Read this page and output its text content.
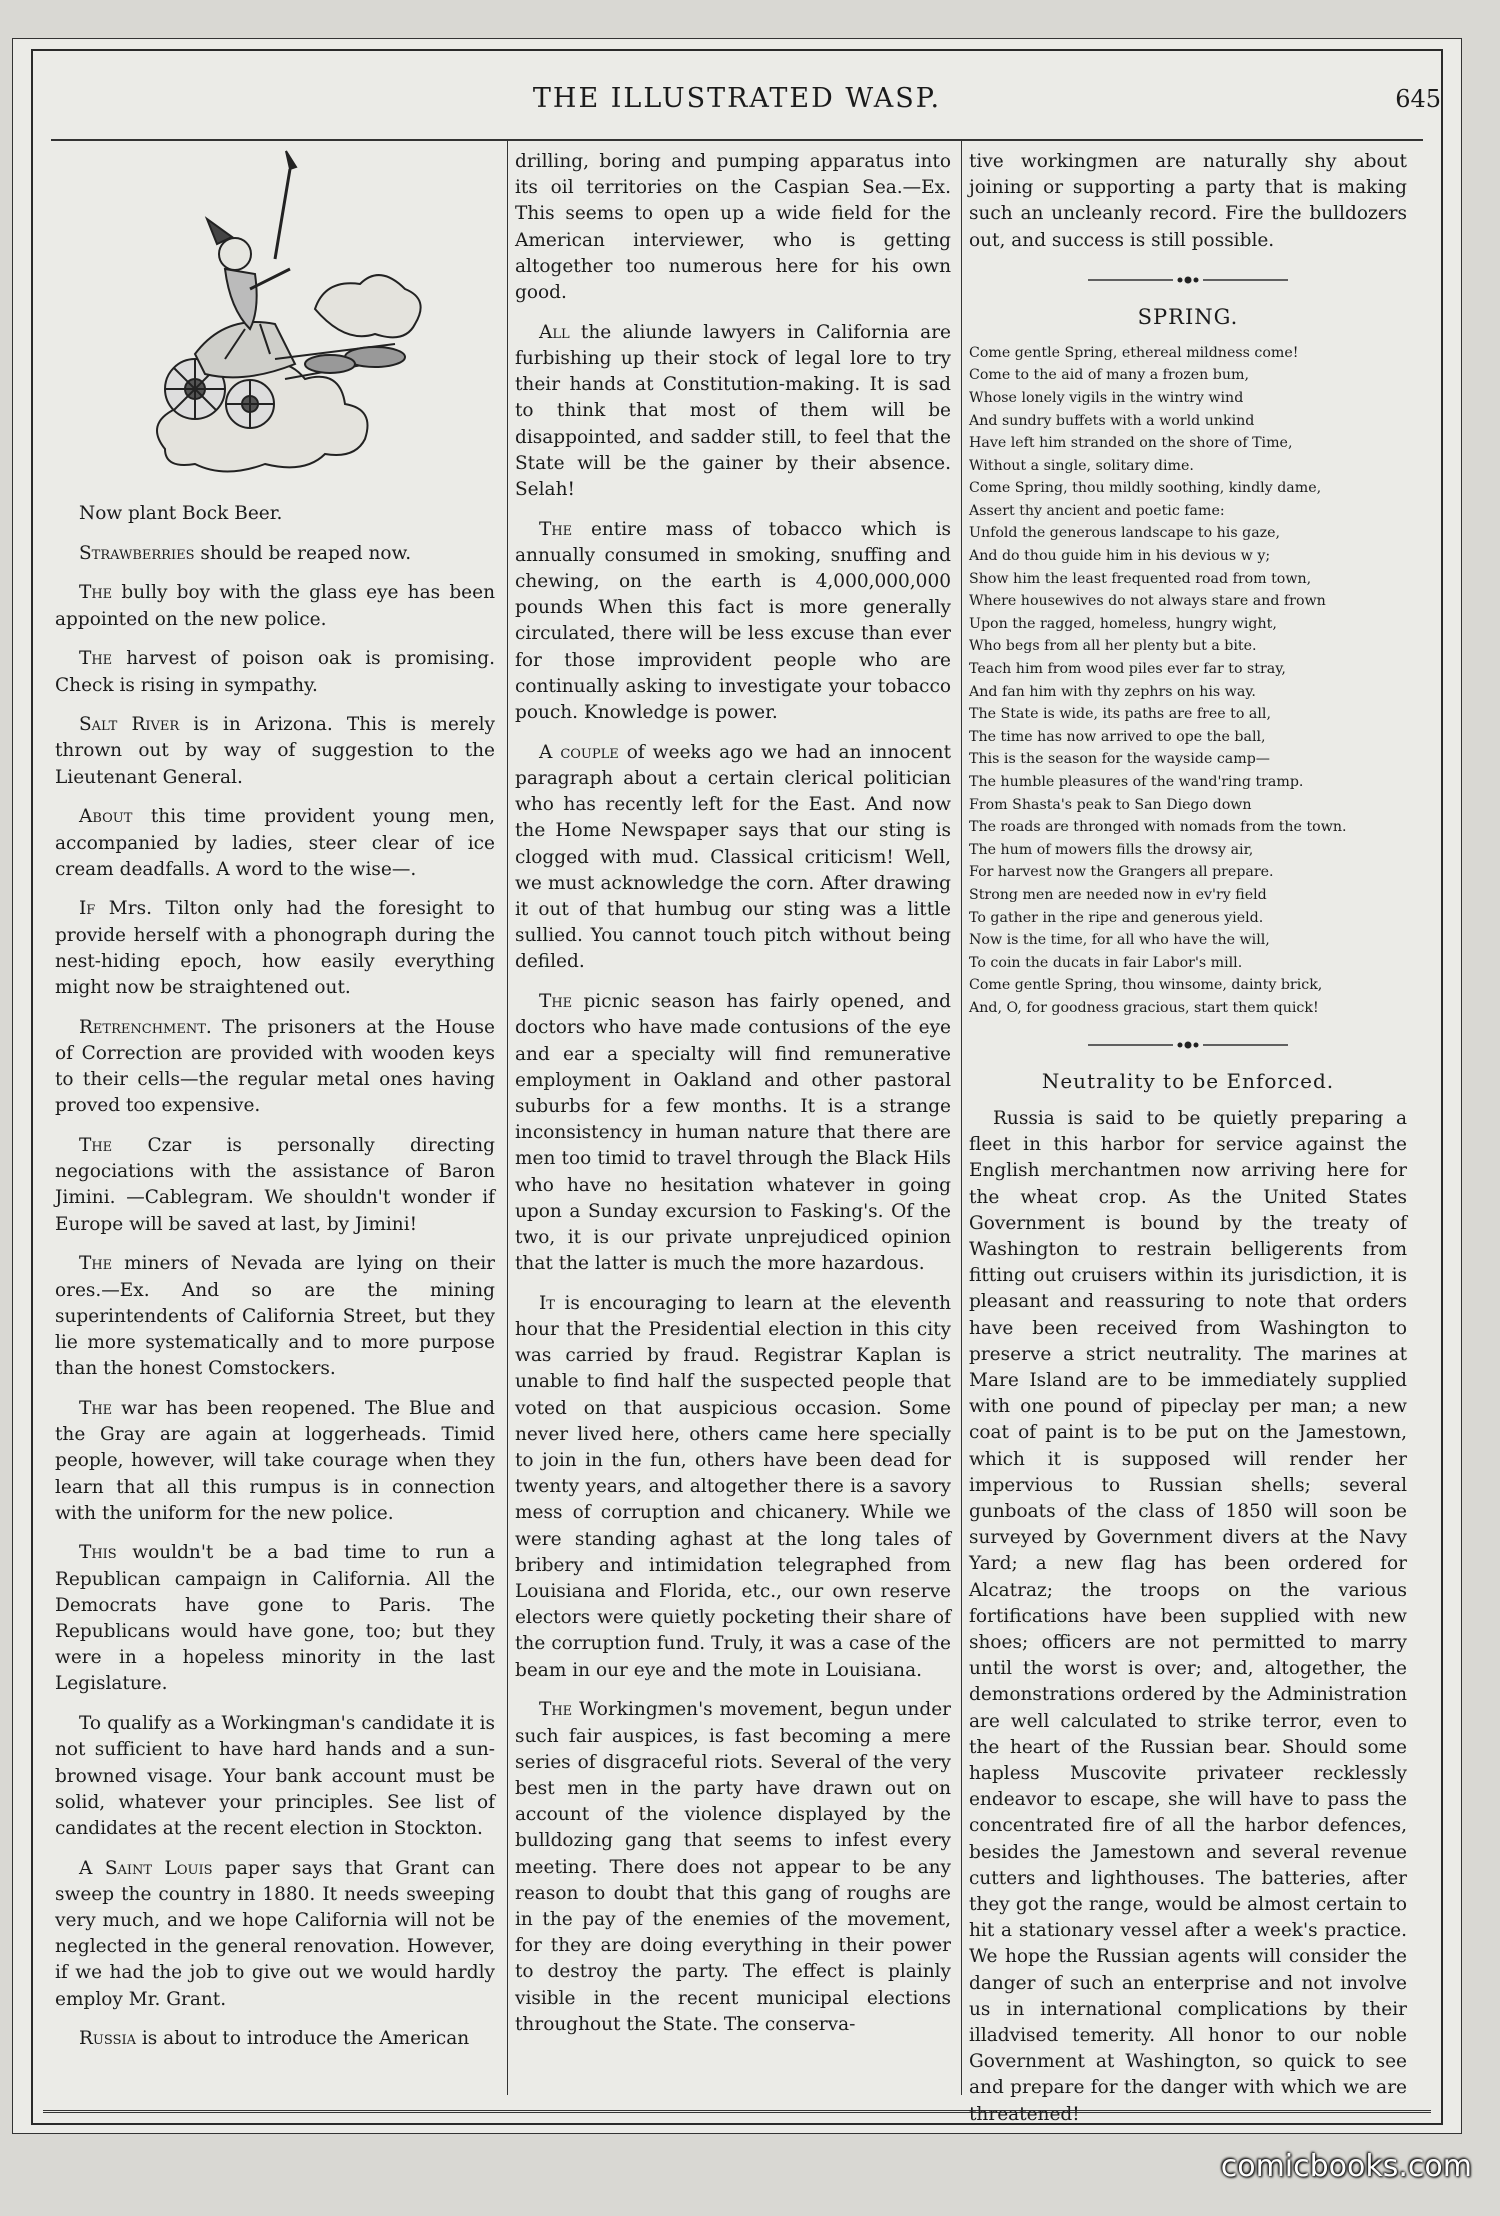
THE ILLUSTRATED WASP.	645

Now plant Bock Beer.

Strawberries should be reaped now.

The bully boy with the glass eye has been appointed on the new police.

The harvest of poison oak is promising. Check is rising in sympathy.

Salt River is in Arizona. This is merely thrown out by way of suggestion to the Lieutenant General.

About this time provident young men, accompanied by ladies, steer clear of ice cream deadfalls. A word to the wise—.

If Mrs. Tilton only had the foresight to provide herself with a phonograph during the nest-hiding epoch, how easily everything might now be straightened out.

Retrenchment. The prisoners at the House of Correction are provided with wooden keys to their cells—the regular metal ones having proved too expensive.

The Czar is personally directing negociations with the assistance of Baron Jimini. —Cablegram. We shouldn't wonder if Europe will be saved at last, by Jimini!

The miners of Nevada are lying on their ores.—Ex. And so are the mining superintendents of California Street, but they lie more systematically and to more purpose than the honest Comstockers.

The war has been reopened. The Blue and the Gray are again at loggerheads. Timid people, however, will take courage when they learn that all this rumpus is in connection with the uniform for the new police.

This wouldn't be a bad time to run a Republican campaign in California. All the Democrats have gone to Paris. The Republicans would have gone, too; but they were in a hopeless minority in the last Legislature.

To qualify as a Workingman's candidate it is not sufficient to have hard hands and a sun-browned visage. Your bank account must be solid, whatever your principles. See list of candidates at the recent election in Stockton.

A Saint Louis paper says that Grant can sweep the country in 1880. It needs sweeping very much, and we hope California will not be neglected in the general renovation. However, if we had the job to give out we would hardly employ Mr. Grant.

Russia is about to introduce the American

drilling, boring and pumping apparatus into its oil territories on the Caspian Sea.—Ex. This seems to open up a wide field for the American interviewer, who is getting altogether too numerous here for his own good.

All the aliunde lawyers in California are furbishing up their stock of legal lore to try their hands at Constitution-making. It is sad to think that most of them will be disappointed, and sadder still, to feel that the State will be the gainer by their absence. Selah!

The entire mass of tobacco which is annually consumed in smoking, snuffing and chewing, on the earth is 4,000,000,000 pounds When this fact is more generally circulated, there will be less excuse than ever for those improvident people who are continually asking to investigate your tobacco pouch. Knowledge is power.

A couple of weeks ago we had an innocent paragraph about a certain clerical politician who has recently left for the East. And now the Home Newspaper says that our sting is clogged with mud. Classical criticism! Well, we must acknowledge the corn. After drawing it out of that humbug our sting was a little sullied. You cannot touch pitch without being defiled.

The picnic season has fairly opened, and doctors who have made contusions of the eye and ear a specialty will find remunerative employment in Oakland and other pastoral suburbs for a few months. It is a strange inconsistency in human nature that there are men too timid to travel through the Black Hils who have no hesitation whatever in going upon a Sunday excursion to Fasking's. Of the two, it is our private unprejudiced opinion that the latter is much the more hazardous.

It is encouraging to learn at the eleventh hour that the Presidential election in this city was carried by fraud. Registrar Kaplan is unable to find half the suspected people that voted on that auspicious occasion. Some never lived here, others came here specially to join in the fun, others have been dead for twenty years, and altogether there is a savory mess of corruption and chicanery. While we were standing aghast at the long tales of bribery and intimidation telegraphed from Louisiana and Florida, etc., our own reserve electors were quietly pocketing their share of the corruption fund. Truly, it was a case of the beam in our eye and the mote in Louisiana.

The Workingmen's movement, begun under such fair auspices, is fast becoming a mere series of disgraceful riots. Several of the very best men in the party have drawn out on account of the violence displayed by the bulldozing gang that seems to infest every meeting. There does not appear to be any reason to doubt that this gang of roughs are in the pay of the enemies of the movement, for they are doing everything in their power to destroy the party. The effect is plainly visible in the recent municipal elections throughout the State. The conserva-

tive workingmen are naturally shy about joining or supporting a party that is making such an uncleanly record. Fire the bulldozers out, and success is still possible.

SPRING.
Come gentle Spring, ethereal mildness come!
Come to the aid of many a frozen bum,
Whose lonely vigils in the wintry wind
And sundry buffets with a world unkind
Have left him stranded on the shore of Time,
Without a single, solitary dime.
Come Spring, thou mildly soothing, kindly dame,
Assert thy ancient and poetic fame:
Unfold the generous landscape to his gaze,
And do thou guide him in his devious w y;
Show him the least frequented road from town,
Where housewives do not always stare and frown
Upon the ragged, homeless, hungry wight,
Who begs from all her plenty but a bite.
Teach him from wood piles ever far to stray,
And fan him with thy zephrs on his way.
The State is wide, its paths are free to all,
The time has now arrived to ope the ball,
This is the season for the wayside camp—
The humble pleasures of the wand'ring tramp.
From Shasta's peak to San Diego down
The roads are thronged with nomads from the town.
The hum of mowers fills the drowsy air,
For harvest now the Grangers all prepare.
Strong men are needed now in ev'ry field
To gather in the ripe and generous yield.
Now is the time, for all who have the will,
To coin the ducats in fair Labor's mill.
Come gentle Spring, thou winsome, dainty brick,
And, O, for goodness gracious, start them quick!
Neutrality to be Enforced.

Russia is said to be quietly preparing a fleet in this harbor for service against the English merchantmen now arriving here for the wheat crop. As the United States Government is bound by the treaty of Washington to restrain belligerents from fitting out cruisers within its jurisdiction, it is pleasant and reassuring to note that orders have been received from Washington to preserve a strict neutrality. The marines at Mare Island are to be immediately supplied with one pound of pipeclay per man; a new coat of paint is to be put on the Jamestown, which it is supposed will render her impervious to Russian shells; several gunboats of the class of 1850 will soon be surveyed by Government divers at the Navy Yard; a new flag has been ordered for Alcatraz; the troops on the various fortifications have been supplied with new shoes; officers are not permitted to marry until the worst is over; and, altogether, the demonstrations ordered by the Administration are well calculated to strike terror, even to the heart of the Russian bear. Should some hapless Muscovite privateer recklessly endeavor to escape, she will have to pass the concentrated fire of all the harbor defences, besides the Jamestown and several revenue cutters and lighthouses. The batteries, after they got the range, would be almost certain to hit a stationary vessel after a week's practice. We hope the Russian agents will consider the danger of such an enterprise and not involve us in international complications by their illadvised temerity. All honor to our noble Government at Washington, so quick to see and prepare for the danger with which we are threatened!

comicbooks.com
